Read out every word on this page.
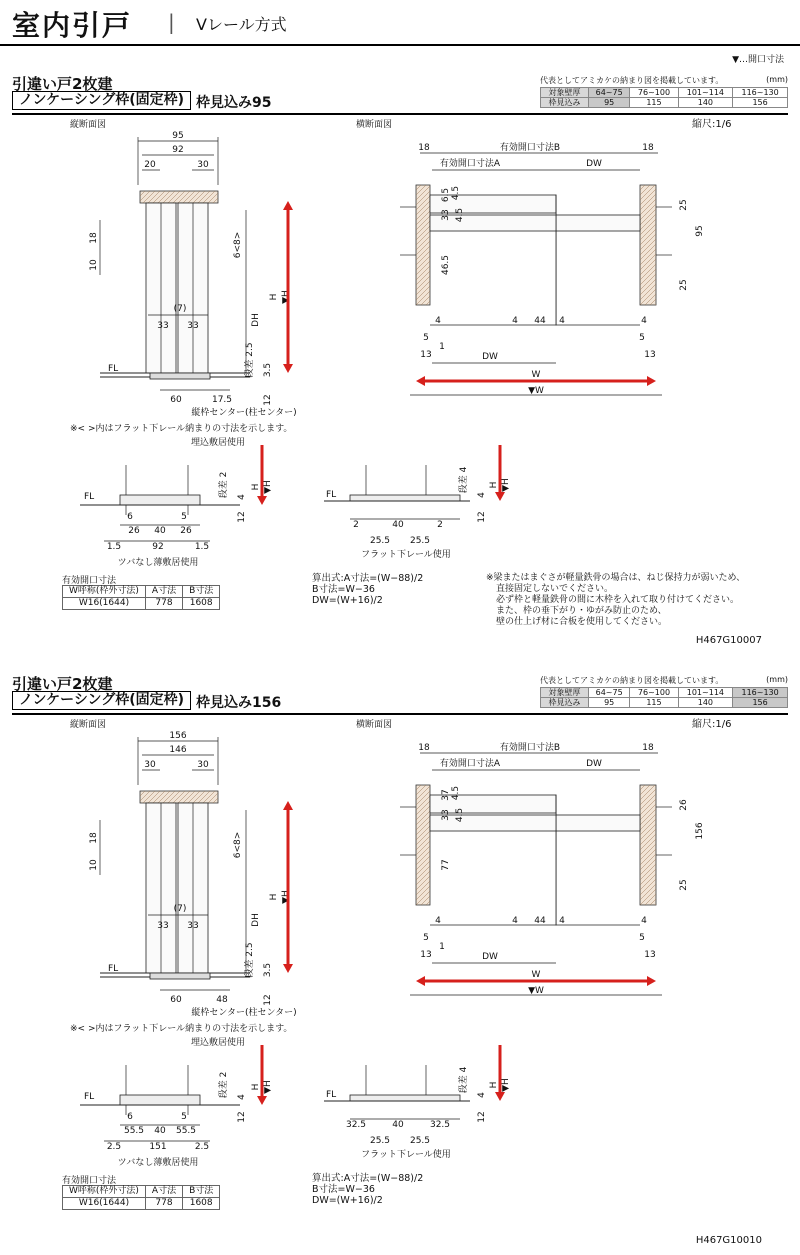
室内引戸 | Vレール方式
▼…開口寸法
引違い戸2枚建
ノンケーシング枠(固定枠) 枠見込み95
代表としてアミカケの納まり図を掲載しています。	(mm)
対象壁厚	64~75	76~100	101~114	116~130
枠見込み	95	115	140	156
縦断面図	横断面図	縮尺:1/6
95
92
20	30
10
18	6<8>
DH
H ▼H
(7)
33 33
段差 2.5 3.5
12
FL
60	17.5
縦枠センター(柱センター)
※< >内はフラット下レール納まりの寸法を示します。
埋込敷居使用
有効開口寸法B
18	18
有効開口寸法A	DW
6.5 4.5
33 4.5
46.5
4	4 44 4	4
5	5
13
1
13
DW
W
▼W
25
95
25
FL	段差 2 4
H ▼H
12
6	5
26 40 26
1.5	92	1.5
ツバなし薄敷居使用
FL
段差 4
4
H ▼H
12
2	40	2
25.5 25.5
フラット下レール使用
有効開口寸法
W呼称(枠外寸法)	A寸法	B寸法
W16(1644)	778	1608
算出式:A寸法=(W−88)/2
B寸法=W−36
DW=(W+16)/2
※梁またはまぐさが軽量鉄骨の場合は、ねじ保持力が弱いため、
直接固定しないでください。
必ず枠と軽量鉄骨の間に木枠を入れて取り付けてください。
また、枠の垂下がり・ゆがみ防止のため、
壁の仕上げ材に合板を使用してください。
H467G10007
引違い戸2枚建
ノンケーシング枠(固定枠) 枠見込み156
代表としてアミカケの納まり図を掲載しています。	(mm)
対象壁厚	64~75	76~100	101~114	116~130
枠見込み	95	115	140	156
縦断面図	横断面図	縮尺:1/6
156
146
30	30
10
18	6<8>
DH
H ▼H
(7)
33 33
段差 2.5 3.5
12
FL
60	48
縦枠センター(柱センター)
※< >内はフラット下レール納まりの寸法を示します。
埋込敷居使用
有効開口寸法B
18	18
有効開口寸法A	DW
37 4.5
33 4.5
77
4	4 44 4	4
5	5
13
1
13
DW
W
▼W
26
156
25
FL	段差 2 4
H ▼H
12
6	5
55.5 40 55.5
2.5	151	2.5
ツバなし薄敷居使用
FL
段差 4
4
H ▼H
12
32.5	40	32.5
25.5 25.5
フラット下レール使用
有効開口寸法
W呼称(枠外寸法)	A寸法	B寸法
W16(1644)	778	1608
算出式:A寸法=(W−88)/2
B寸法=W−36
DW=(W+16)/2
H467G10010
